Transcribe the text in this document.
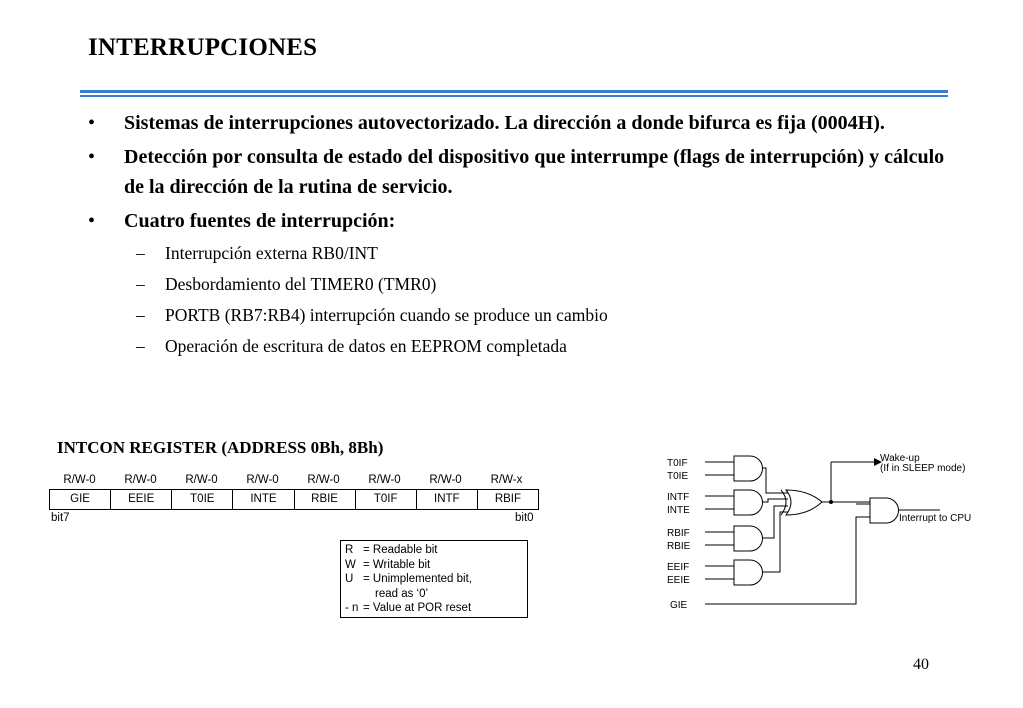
INTERRUPCIONES
• Sistemas de interrupciones autovectorizado. La dirección a donde bifurca es fija (0004H).
• Detección por consulta de estado del dispositivo que interrumpe (flags de interrupción) y cálculo de la dirección de la rutina de servicio.
• Cuatro fuentes de interrupción:
– Interrupción externa RB0/INT
– Desbordamiento del TIMER0 (TMR0)
– PORTB (RB7:RB4) interrupción cuando se produce un cambio
– Operación de escritura de datos en EEPROM completada
INTCON REGISTER (ADDRESS 0Bh, 8Bh)
R/W-0	R/W-0	R/W-0	R/W-0	R/W-0	R/W-0	R/W-0	R/W-x
GIE	EEIE	T0IE	INTE	RBIE	T0IF	INTF	RBIF
bit7	bit0
R = Readable bit
W = Writable bit
U = Unimplemented bit,
read as ‘0’
- n = Value at POR reset
T0IF
T0IE
INTF
INTE
RBIF
RBIE
EEIF
EEIE
GIE
Wake-up
(If in SLEEP mode)
Interrupt to CPU
40
